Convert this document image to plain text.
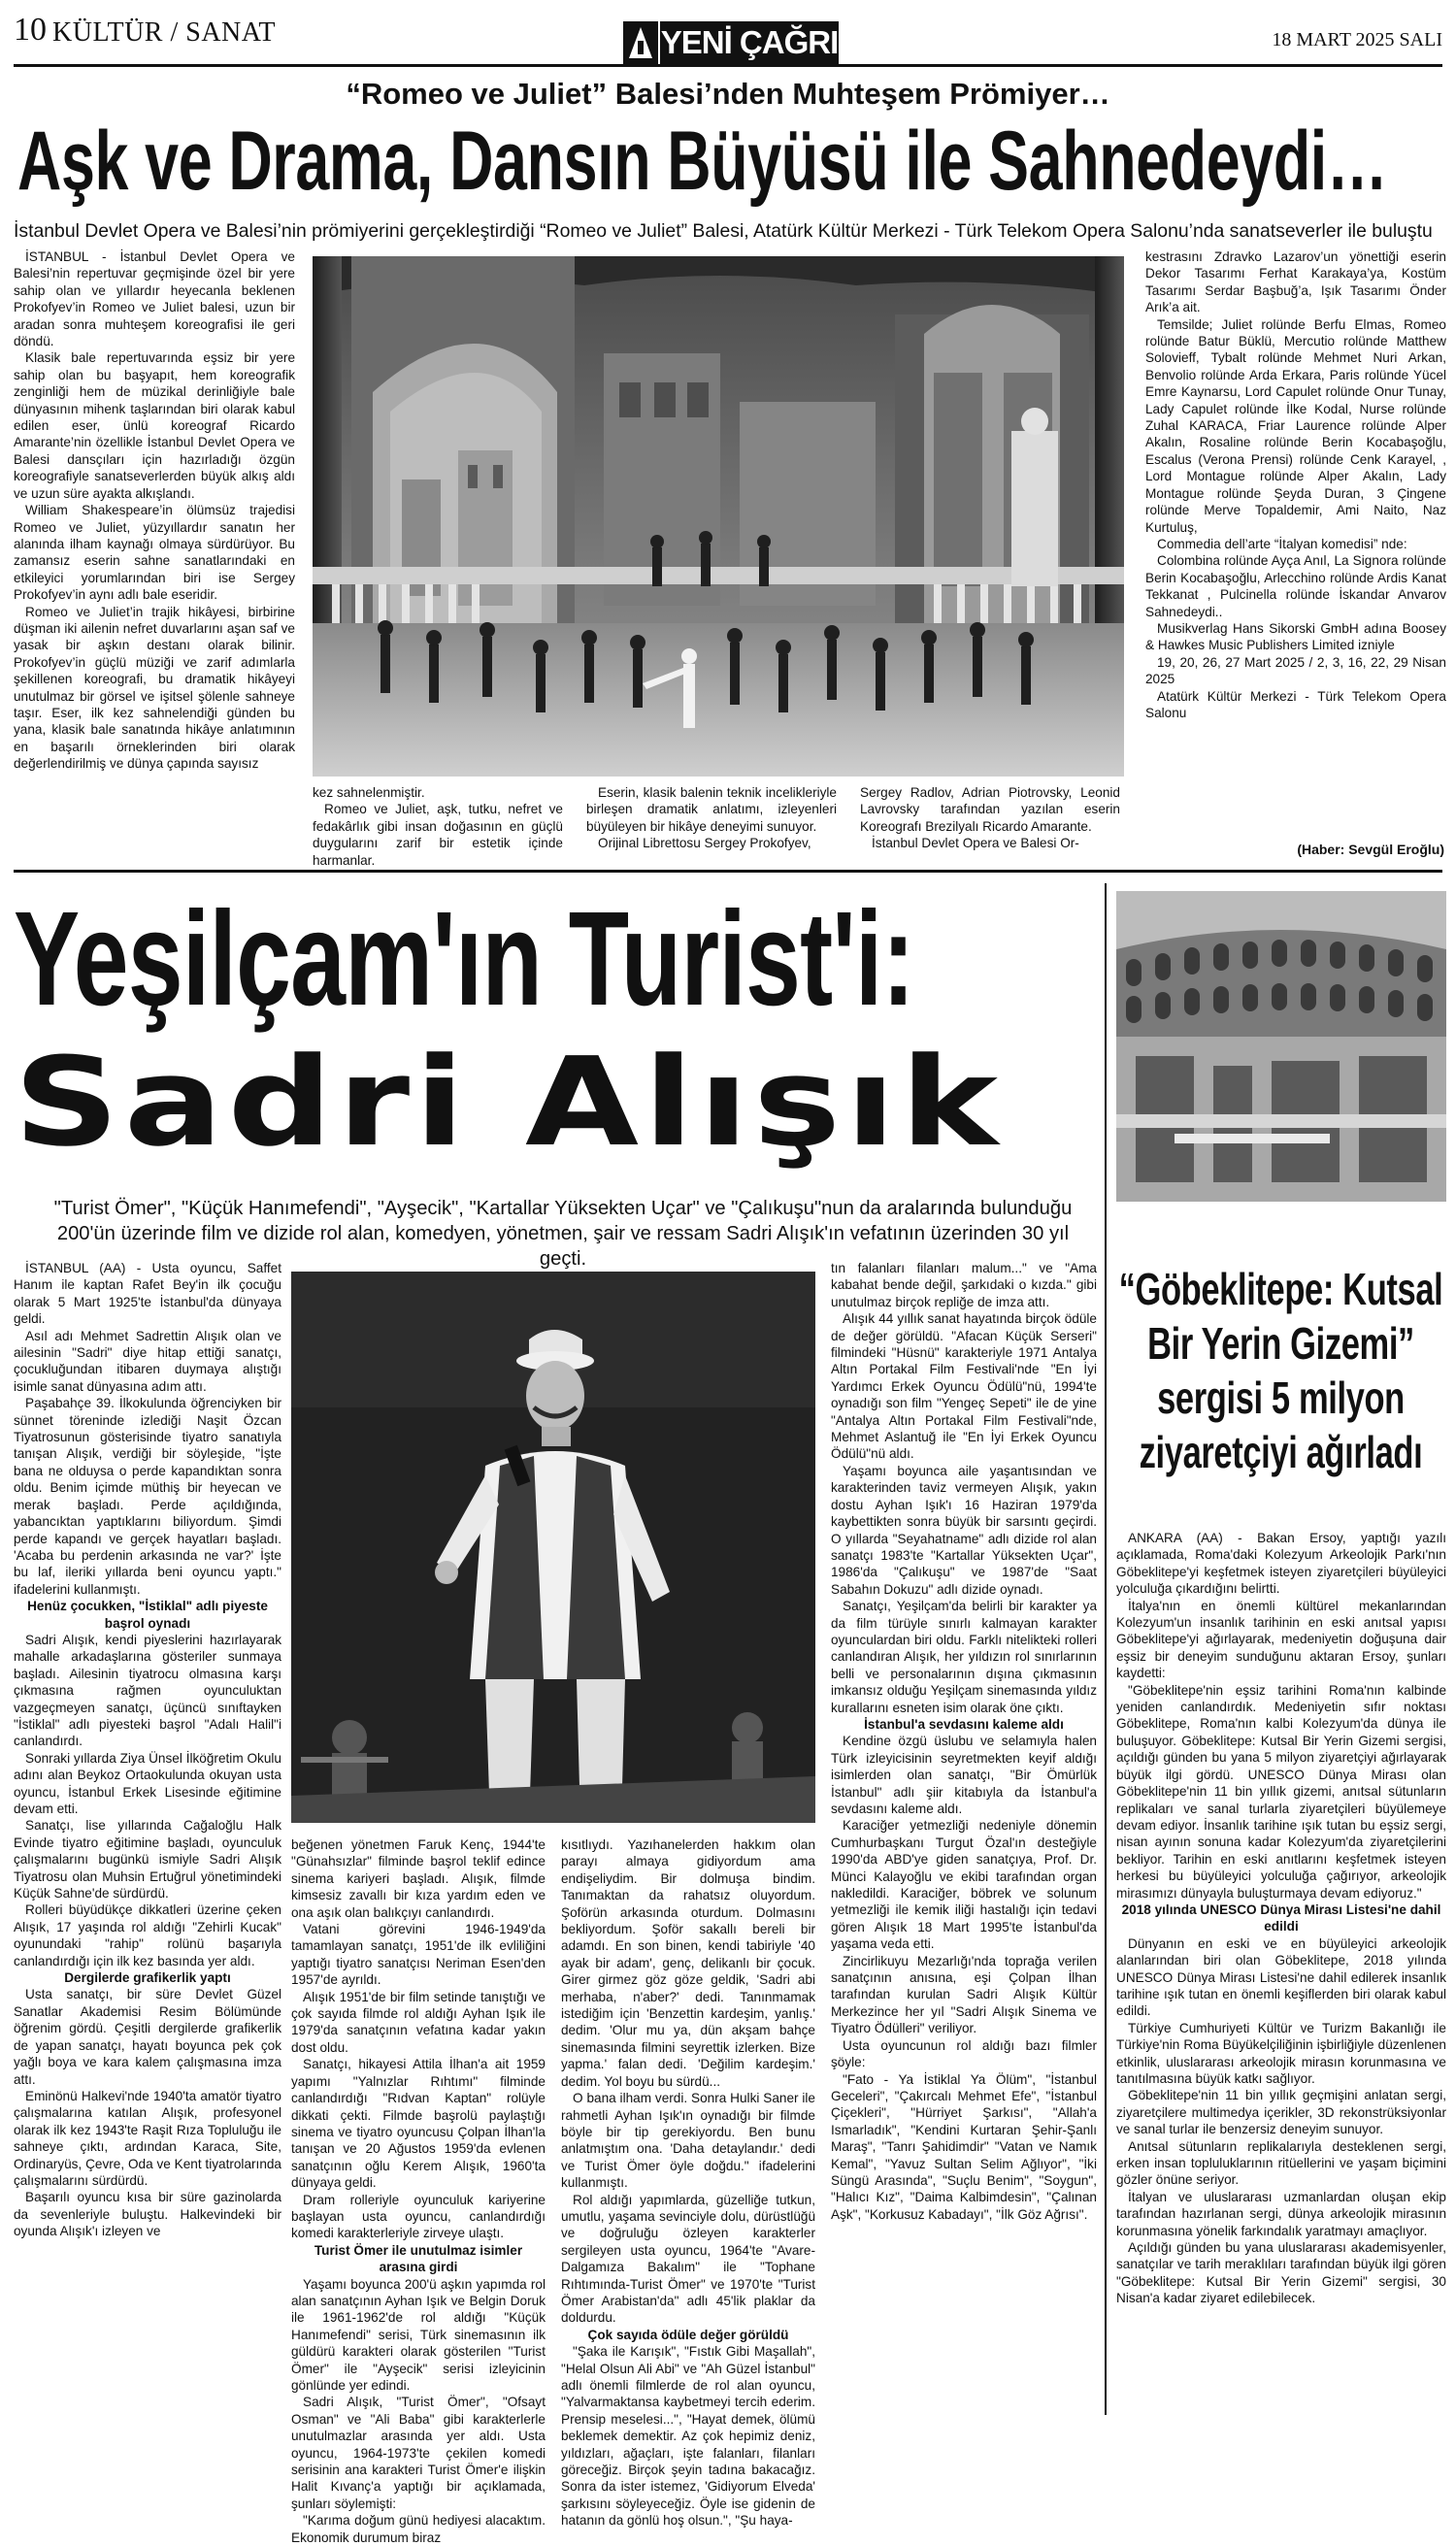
10 KÜLTÜR / SANAT	YENİ ÇAĞRI	18 MART 2025 SALI
“Romeo ve Juliet” Balesi’nden Muhteşem Prömiyer…
Aşk ve Drama, Dansın Büyüsü ile Sahnedeydi…
İstanbul Devlet Opera ve Balesi’nin prömiyerini gerçekleştirdiği “Romeo ve Juliet” Balesi, Atatürk Kültür Merkezi - Türk Telekom Opera Salonu’nda sanatseverler ile buluştu

İSTANBUL - İstanbul Devlet Opera ve Balesi’nin repertuvar geçmişinde özel bir yere sahip olan ve yıllardır heyecanla beklenen Prokofyev’in Romeo ve Juliet balesi, uzun bir aradan sonra muhteşem koreografisi ile geri döndü.

Klasik bale repertuvarında eşsiz bir yere sahip olan bu başyapıt, hem koreografik zenginliği hem de müzikal derinliğiyle bale dünyasının mihenk taşlarından biri olarak kabul edilen eser, ünlü koreograf Ricardo Amarante’nin özellikle İstanbul Devlet Opera ve Balesi dansçıları için hazırladığı özgün koreografiyle sanatseverlerden büyük alkış aldı ve uzun süre ayakta alkışlandı.

William Shakespeare’in ölümsüz trajedisi Romeo ve Juliet, yüzyıllardır sanatın her alanında ilham kaynağı olmaya sürdürüyor. Bu zamansız eserin sahne sanatlarındaki en etkileyici yorumlarından biri ise Sergey Prokofyev’in aynı adlı bale eseridir.

Romeo ve Juliet’in trajik hikâyesi, birbirine düşman iki ailenin nefret duvarlarını aşan saf ve yasak bir aşkın destanı olarak bilinir. Prokofyev’in güçlü müziği ve zarif adımlarla şekillenen koreografi, bu dramatik hikâyeyi unutulmaz bir görsel ve işitsel şölenle sahneye taşır. Eser, ilk kez sahnelendiği günden bu yana, klasik bale sanatında hikâye anlatımının en başarılı örneklerinden biri olarak değerlendirilmiş ve dünya çapında sayısız

kez sahnelenmiştir.

Romeo ve Juliet, aşk, tutku, nefret ve fedakârlık gibi insan doğasının en güçlü duygularını zarif bir estetik içinde harmanlar.

Eserin, klasik balenin teknik incelikleriyle birleşen dramatik anlatımı, izleyenleri büyüleyen bir hikâye deneyimi sunuyor.

Orijinal Librettosu Sergey Prokofyev,

Sergey Radlov, Adrian Piotrovsky, Leonid Lavrovsky tarafından yazılan eserin Koreografı Brezilyalı Ricardo Amarante.

İstanbul Devlet Opera ve Balesi Or-

kestrasını Zdravko Lazarov’un yönettiği eserin Dekor Tasarımı Ferhat Karakaya’ya, Kostüm Tasarımı Serdar Başbuğ’a, Işık Tasarımı Önder Arık’a ait.

Temsilde; Juliet rolünde Berfu Elmas, Romeo rolünde Batur Büklü, Mercutio rolünde Matthew Solovieff, Tybalt rolünde Mehmet Nuri Arkan, Benvolio rolünde Arda Erkara, Paris rolünde Yücel Emre Kaynarsu, Lord Capulet rolünde Onur Tunay, Lady Capulet rolünde İlke Kodal, Nurse rolünde Zuhal KARACA, Friar Laurence rolünde Alper Akalın, Rosaline rolünde Berin Kocabaşoğlu, Escalus (Verona Prensi) rolünde Cenk Karayel, , Lord Montague rolünde Alper Akalın, Lady Montague rolünde Şeyda Duran, 3 Çingene rolünde Merve Topaldemir, Ami Naito, Naz Kurtuluş,

Commedia dell’arte “İtalyan komedisi” nde:

Colombina rolünde Ayça Anıl, La Signora rolünde Berin Kocabaşoğlu, Arlecchino rolünde Ardis Kanat Tekkanat , Pulcinella rolünde İskandar Anvarov Sahnedeydi..

Musikverlag Hans Sikorski GmbH adına Boosey & Hawkes Music Publishers Limited izniyle

19, 20, 26, 27 Mart 2025 / 2, 3, 16, 22, 29 Nisan 2025

Atatürk Kültür Merkezi - Türk Telekom Opera Salonu

(Haber: Sevgül Eroğlu)
Yeşilçam'ın Turist'i:
Sadri Alışık
"Turist Ömer", "Küçük Hanımefendi", "Ayşecik", "Kartallar Yüksekten Uçar" ve "Çalıkuşu"nun da aralarında bulunduğu 200'ün üzerinde film ve dizide rol alan, komedyen, yönetmen, şair ve ressam Sadri Alışık'ın vefatının üzerinden 30 yıl geçti.

İSTANBUL (AA) - Usta oyuncu, Saffet Hanım ile kaptan Rafet Bey'in ilk çocuğu olarak 5 Mart 1925'te İstanbul'da dünyaya geldi.

Asıl adı Mehmet Sadrettin Alışık olan ve ailesinin "Sadri" diye hitap ettiği sanatçı, çocukluğundan itibaren duymaya alıştığı isimle sanat dünyasına adım attı.

Paşabahçe 39. İlkokulunda öğrenciyken bir sünnet töreninde izlediği Naşit Özcan Tiyatrosunun gösterisinde tiyatro sanatıyla tanışan Alışık, verdiği bir söyleşide, "İşte bana ne olduysa o perde kapandıktan sonra oldu. Benim içimde müthiş bir heyecan ve merak başladı. Perde açıldığında, yabancıktan yaptıklarını biliyordum. Şimdi perde kapandı ve gerçek hayatları başladı. 'Acaba bu perdenin arkasında ne var?' İşte bu laf, ileriki yıllarda beni oyuncu yaptı." ifadelerini kullanmıştı.

Henüz çocukken, "İstiklal" adlı piyeste başrol oynadı

Sadri Alışık, kendi piyeslerini hazırlayarak mahalle arkadaşlarına gösteriler sunmaya başladı. Ailesinin tiyatrocu olmasına karşı çıkmasına rağmen oyunculuktan vazgeçmeyen sanatçı, üçüncü sınıftayken "İstiklal" adlı piyesteki başrol "Adalı Halil"i canlandırdı.

Sonraki yıllarda Ziya Ünsel İlköğretim Okulu adını alan Beykoz Ortaokulunda okuyan usta oyuncu, İstanbul Erkek Lisesinde eğitimine devam etti.

Sanatçı, lise yıllarında Cağaloğlu Halk Evinde tiyatro eğitimine başladı, oyunculuk çalışmalarını bugünkü ismiyle Sadri Alışık Tiyatrosu olan Muhsin Ertuğrul yönetimindeki Küçük Sahne'de sürdürdü.

Rolleri büyüdükçe dikkatleri üzerine çeken Alışık, 17 yaşında rol aldığı "Zehirli Kucak" oyunundaki "rahip" rolünü başarıyla canlandırdığı için ilk kez basında yer aldı.

Dergilerde grafikerlik yaptı

Usta sanatçı, bir süre Devlet Güzel Sanatlar Akademisi Resim Bölümünde öğrenim gördü. Çeşitli dergilerde grafikerlik de yapan sanatçı, hayatı boyunca pek çok yağlı boya ve kara kalem çalışmasına imza attı.

Eminönü Halkevi'nde 1940'ta amatör tiyatro çalışmalarına katılan Alışık, profesyonel olarak ilk kez 1943'te Raşit Rıza Topluluğu ile sahneye çıktı, ardından Karaca, Site, Ordinaryüs, Çevre, Oda ve Kent tiyatrolarında çalışmalarını sürdürdü.

Başarılı oyuncu kısa bir süre gazinolarda da sevenleriyle buluştu. Halkevindeki bir oyunda Alışık'ı izleyen ve

beğenen yönetmen Faruk Kenç, 1944'te "Günahsızlar" filminde başrol teklif edince sinema kariyeri başladı. Alışık, filmde kimsesiz zavallı bir kıza yardım eden ve ona aşık olan balıkçıyı canlandırdı.

Vatani görevini 1946-1949'da tamamlayan sanatçı, 1951'de ilk evliliğini yaptığı tiyatro sanatçısı Neriman Esen'den 1957'de ayrıldı.

Alışık 1951'de bir film setinde tanıştığı ve çok sayıda filmde rol aldığı Ayhan Işık ile 1979'da sanatçının vefatına kadar yakın dost oldu.

Sanatçı, hikayesi Attila İlhan'a ait 1959 yapımı "Yalnızlar Rıhtımı" filminde canlandırdığı "Rıdvan Kaptan" rolüyle dikkati çekti. Filmde başrolü paylaştığı sinema ve tiyatro oyuncusu Çolpan İlhan'la tanışan ve 20 Ağustos 1959'da evlenen sanatçının oğlu Kerem Alışık, 1960'ta dünyaya geldi.

Dram rolleriyle oyunculuk kariyerine başlayan usta oyuncu, canlandırdığı komedi karakterleriyle zirveye ulaştı.

Turist Ömer ile unutulmaz isimler arasına girdi

Yaşamı boyunca 200'ü aşkın yapımda rol alan sanatçının Ayhan Işık ve Belgin Doruk ile 1961-1962'de rol aldığı "Küçük Hanımefendi" serisi, Türk sinemasının ilk güldürü karakteri olarak gösterilen "Turist Ömer" ile "Ayşecik" serisi izleyicinin gönlünde yer edindi.

Sadri Alışık, "Turist Ömer", "Ofsayt Osman" ve "Ali Baba" gibi karakterlerle unutulmazlar arasında yer aldı. Usta oyuncu, 1964-1973'te çekilen komedi serisinin ana karakteri Turist Ömer'e ilişkin Halit Kıvanç'a yaptığı bir açıklamada, şunları söylemişti:

"Karıma doğum günü hediyesi alacaktım. Ekonomik durumum biraz

kısıtlıydı. Yazıhanelerden hakkım olan parayı almaya gidiyordum ama endişeliydim. Bir dolmuşa bindim. Tanımaktan da rahatsız oluyordum. Şoförün arkasında oturdum. Dolmasını bekliyordum. Şoför sakallı bereli bir adamdı. En son binen, kendi tabiriyle '40 ayak bir adam', genç, delikanlı bir çocuk. Girer girmez göz göze geldik, 'Sadri abi merhaba, n'aber?' dedi. Tanınmamak istediğim için 'Benzettin kardeşim, yanlış.' dedim. 'Olur mu ya, dün akşam bahçe sinemasında filmini seyrettik izlerken. Bize yapma.' falan dedi. 'Değilim kardeşim.' dedim. Yol boyu bu sürdü...

O bana ilham verdi. Sonra Hulki Saner ile rahmetli Ayhan Işık'ın oynadığı bir filmde böyle bir tip gerekiyordu. Ben bunu anlatmıştım ona. 'Daha detaylandır.' dedi ve Turist Ömer öyle doğdu." ifadelerini kullanmıştı.

Rol aldığı yapımlarda, güzelliğe tutkun, umutlu, yaşama sevinciyle dolu, dürüstlüğü ve doğruluğu özleyen karakterler sergileyen usta oyuncu, 1964'te "Avare-Dalgamıza Bakalım" ile "Tophane Rıhtımında-Turist Ömer" ve 1970'te "Turist Ömer Arabistan'da" adlı 45'lik plaklar da doldurdu.

Çok sayıda ödüle değer görüldü

"Şaka ile Karışık", "Fıstık Gibi Maşallah", "Helal Olsun Ali Abi" ve "Ah Güzel İstanbul" adlı önemli filmlerde de rol alan oyuncu, "Yalvarmaktansa kaybetmeyi tercih ederim. Prensip meselesi...", "Hayat demek, ölümü beklemek demektir. Az çok hepimiz deniz, yıldızları, ağaçları, işte falanları, filanları göreceğiz. Birçok şeyin tadına bakacağız. Sonra da ister istemez, 'Gidiyorum Elveda' şarkısını söyleyeceğiz. Öyle ise gidenin de hatanın da gönlü hoş olsun.", "Şu haya-

tın falanları filanları malum..." ve "Ama kabahat bende değil, şarkıdaki o kızda." gibi unutulmaz birçok repliğe de imza attı.

Alışık 44 yıllık sanat hayatında birçok ödüle de değer görüldü. "Afacan Küçük Serseri" filmindeki "Hüsnü" karakteriyle 1971 Antalya Altın Portakal Film Festivali'nde "En İyi Yardımcı Erkek Oyuncu Ödülü"nü, 1994'te oynadığı son film "Yengeç Sepeti" ile de yine "Antalya Altın Portakal Film Festivali"nde, Mehmet Aslantuğ ile "En İyi Erkek Oyuncu Ödülü"nü aldı.

Yaşamı boyunca aile yaşantısından ve karakterinden taviz vermeyen Alışık, yakın dostu Ayhan Işık'ı 16 Haziran 1979'da kaybettikten sonra büyük bir sarsıntı geçirdi. O yıllarda "Seyahatname" adlı dizide rol alan sanatçı 1983'te "Kartallar Yüksekten Uçar", 1986'da "Çalıkuşu" ve 1987'de "Saat Sabahın Dokuzu" adlı dizide oynadı.

Sanatçı, Yeşilçam'da belirli bir karakter ya da film türüyle sınırlı kalmayan karakter oyunculardan biri oldu. Farklı nitelikteki rolleri canlandıran Alışık, her yıldızın rol sınırlarının belli ve personalarının dışına çıkmasının imkansız olduğu Yeşilçam sinemasında yıldız kurallarını esneten isim olarak öne çıktı.

İstanbul'a sevdasını kaleme aldı

Kendine özgü üslubu ve selamıyla halen Türk izleyicisinin seyretmekten keyif aldığı isimlerden olan sanatçı, "Bir Ömürlük İstanbul" adlı şiir kitabıyla da İstanbul'a sevdasını kaleme aldı.

Karaciğer yetmezliği nedeniyle dönemin Cumhurbaşkanı Turgut Özal'ın desteğiyle 1990'da ABD'ye giden sanatçıya, Prof. Dr. Münci Kalayoğlu ve ekibi tarafından organ nakledildi. Karaciğer, böbrek ve solunum yetmezliği ile kemik iliği hastalığı için tedavi gören Alışık 18 Mart 1995'te İstanbul'da yaşama veda etti.

Zincirlikuyu Mezarlığı'nda toprağa verilen sanatçının anısına, eşi Çolpan İlhan tarafından kurulan Sadri Alışık Kültür Merkezince her yıl "Sadri Alışık Sinema ve Tiyatro Ödülleri" veriliyor.

Usta oyuncunun rol aldığı bazı filmler şöyle:

"Fato - Ya İstiklal Ya Ölüm", "İstanbul Geceleri", "Çakırcalı Mehmet Efe", "İstanbul Çiçekleri", "Hürriyet Şarkısı", "Allah'a Ismarladık", "Kendini Kurtaran Şehir-Şanlı Maraş", "Tanrı Şahidimdir" "Vatan ve Namık Kemal", "Yavuz Sultan Selim Ağlıyor", "İki Süngü Arasında", "Suçlu Benim", "Soygun", "Halıcı Kız", "Daima Kalbimdesin", "Çalınan Aşk", "Korkusuz Kabadayı", "İlk Göz Ağrısı".

“Göbeklitepe: Kutsal Bir Yerin Gizemi” sergisi 5 milyon ziyaretçiyi ağırladı

ANKARA (AA) - Bakan Ersoy, yaptığı yazılı açıklamada, Roma'daki Kolezyum Arkeolojik Parkı'nın Göbeklitepe'yi keşfetmek isteyen ziyaretçileri büyüleyici yolculuğa çıkardığını belirtti.

İtalya'nın en önemli kültürel mekanlarından Kolezyum'un insanlık tarihinin en eski anıtsal yapısı Göbeklitepe'yi ağırlayarak, medeniyetin doğuşuna dair eşsiz bir deneyim sunduğunu aktaran Ersoy, şunları kaydetti:

"Göbeklitepe'nin eşsiz tarihini Roma'nın kalbinde yeniden canlandırdık. Medeniyetin sıfır noktası Göbeklitepe, Roma'nın kalbi Kolezyum'da dünya ile buluşuyor. Göbeklitepe: Kutsal Bir Yerin Gizemi sergisi, açıldığı günden bu yana 5 milyon ziyaretçiyi ağırlayarak büyük ilgi gördü. UNESCO Dünya Mirası olan Göbeklitepe'nin 11 bin yıllık gizemi, anıtsal sütunların replikaları ve sanal turlarla ziyaretçileri büyülemeye devam ediyor. İnsanlık tarihine ışık tutan bu eşsiz sergi, nisan ayının sonuna kadar Kolezyum'da ziyaretçilerini bekliyor. Tarihin en eski anıtlarını keşfetmek isteyen herkesi bu büyüleyici yolculuğa çağırıyor, arkeolojik mirasımızı dünyayla buluşturmaya devam ediyoruz."

2018 yılında UNESCO Dünya Mirası Listesi'ne dahil edildi

Dünyanın en eski ve en büyüleyici arkeolojik alanlarından biri olan Göbeklitepe, 2018 yılında UNESCO Dünya Mirası Listesi'ne dahil edilerek insanlık tarihine ışık tutan en önemli keşiflerden biri olarak kabul edildi.

Türkiye Cumhuriyeti Kültür ve Turizm Bakanlığı ile Türkiye'nin Roma Büyükelçiliğinin işbirliğiyle düzenlenen etkinlik, uluslararası arkeolojik mirasın korunmasına ve tanıtılmasına büyük katkı sağlıyor.

Göbeklitepe'nin 11 bin yıllık geçmişini anlatan sergi, ziyaretçilere multimedya içerikler, 3D rekonstrüksiyonlar ve sanal turlar ile benzersiz deneyim sunuyor.

Anıtsal sütunların replikalarıyla desteklenen sergi, erken insan topluluklarının ritüellerini ve yaşam biçimini gözler önüne seriyor.

İtalyan ve uluslararası uzmanlardan oluşan ekip tarafından hazırlanan sergi, dünya arkeolojik mirasının korunmasına yönelik farkındalık yaratmayı amaçlıyor.

Açıldığı günden bu yana uluslararası akademisyenler, sanatçılar ve tarih meraklıları tarafından büyük ilgi gören "Göbeklitepe: Kutsal Bir Yerin Gizemi" sergisi, 30 Nisan'a kadar ziyaret edilebilecek.
